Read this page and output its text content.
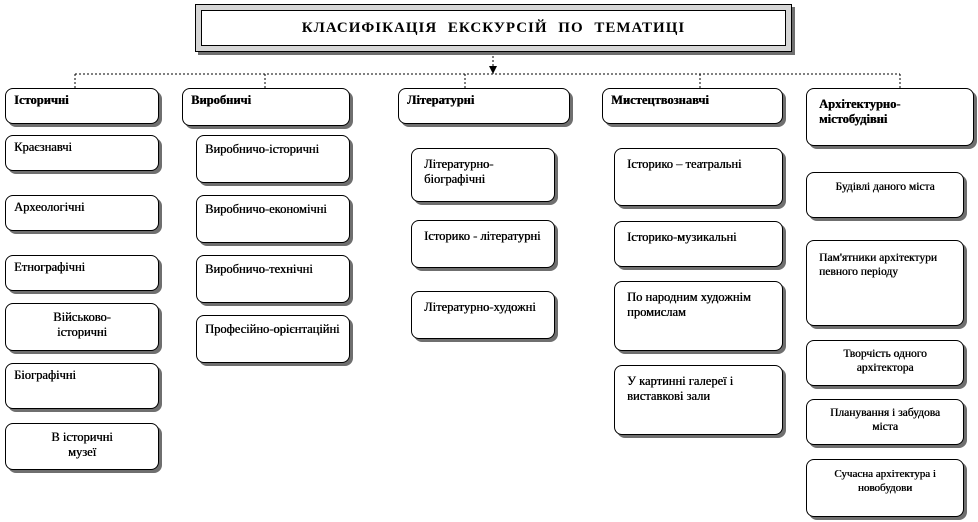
КЛАСИФІКАЦІЯ ЕКСКУРСІЙ ПО ТЕМАТИЦІ
Історичні
Краєзнавчі
Археологічні
Етнографічні
Військово-історичні
Біографічні
В історичні музеї
Виробничі
Виробничо-історичні
Виробничо-економічні
Виробничо-технічні
Професійно-орієнтаційні
Літературні
Літературно-біографічні
Історико - літературні
Літературно-художні
Мистецтвознавчі
Історико – театральні
Історико-музикальні
По народним художнім промислам
У картинні галереї і виставкові зали
Архітектурно-містобудівні
Будівлі даного міста
Пам'ятники архітектури певного періоду
Творчість одного архітектора
Планування і забудова міста
Сучасна архітектура і новобудови
